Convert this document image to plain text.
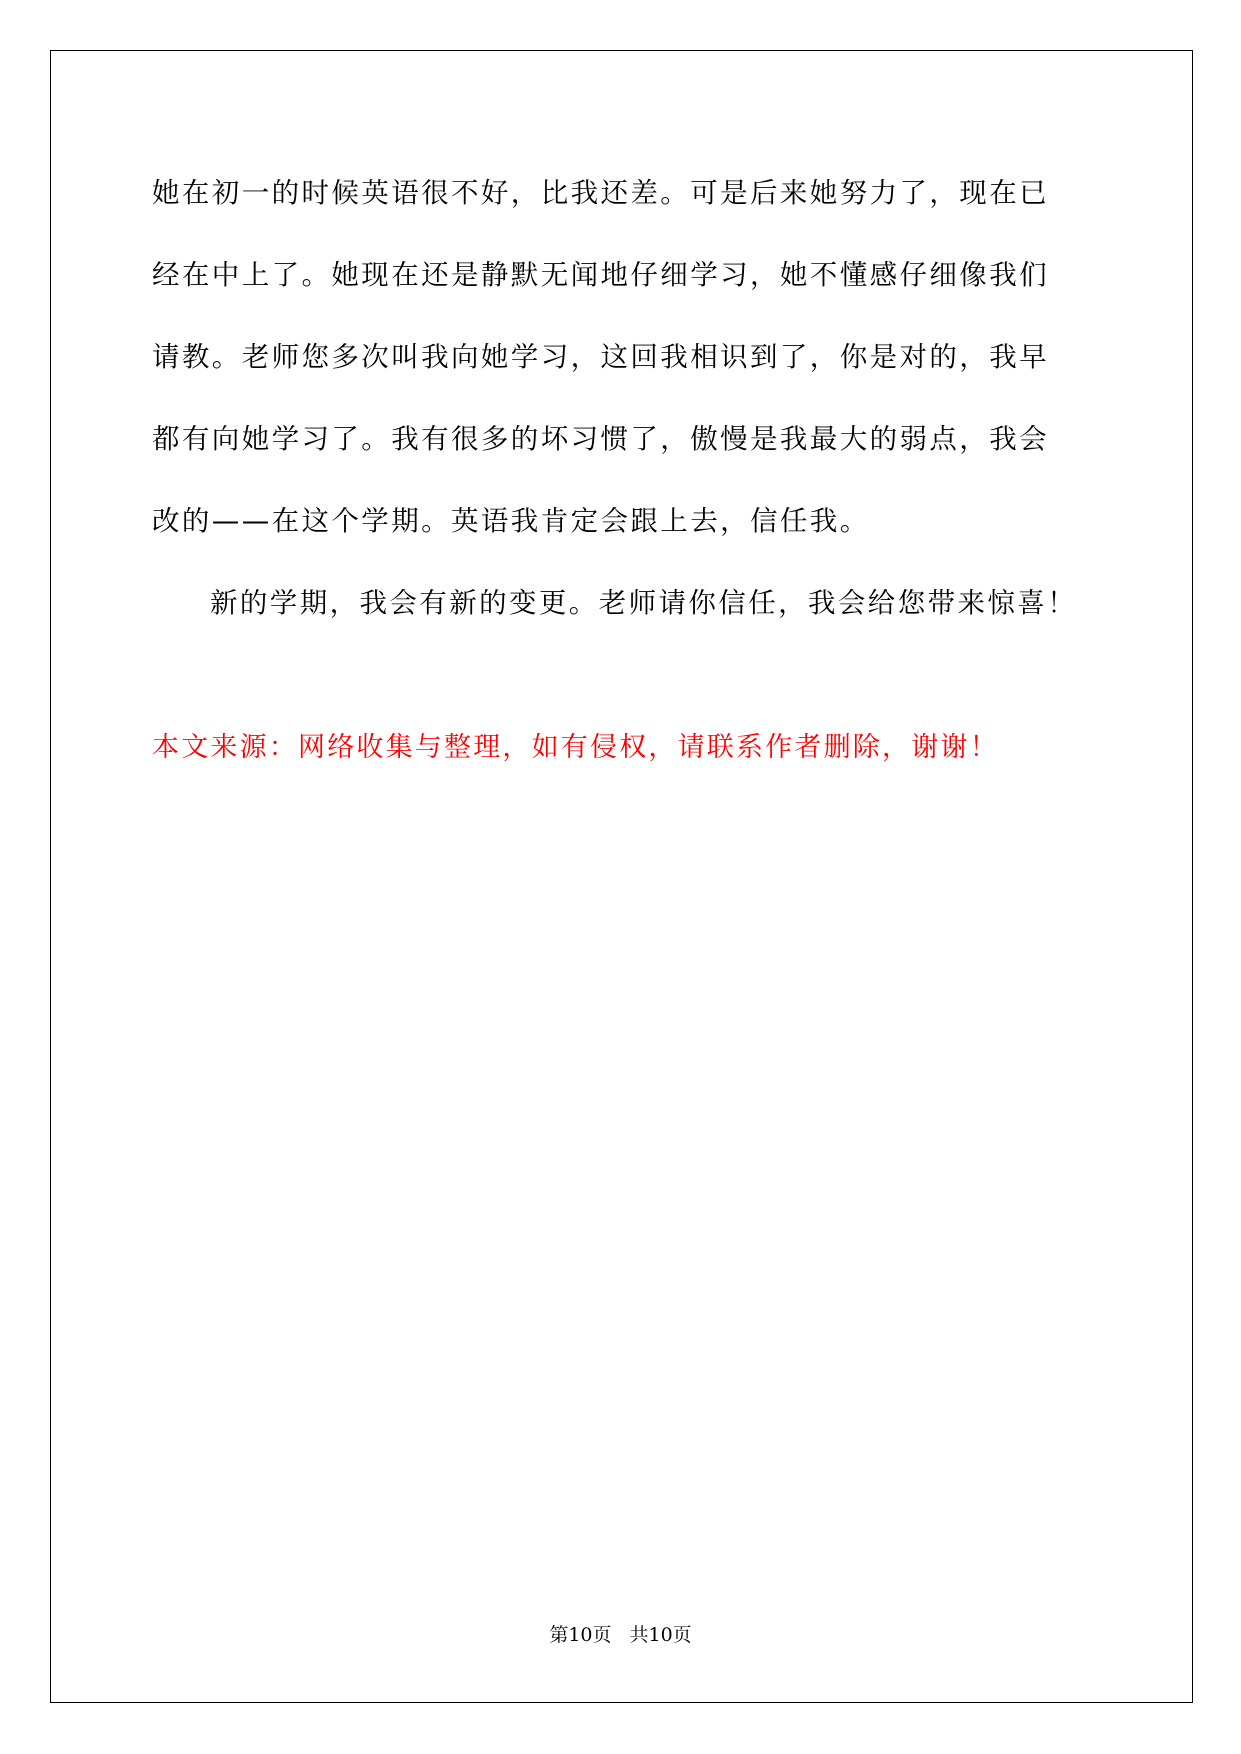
她在初一的时候英语很不好，比我还差。可是后来她努力了，现在已
经在中上了。她现在还是静默无闻地仔细学习，她不懂感仔细像我们
请教。老师您多次叫我向她学习，这回我相识到了，你是对的，我早
都有向她学习了。我有很多的坏习惯了，傲慢是我最大的弱点，我会
改的——在这个学期。英语我肯定会跟上去，信任我。
新的学期，我会有新的变更。老师请你信任，我会给您带来惊喜！
本文来源：网络收集与整理，如有侵权，请联系作者删除，谢谢！
第10页 共10页
